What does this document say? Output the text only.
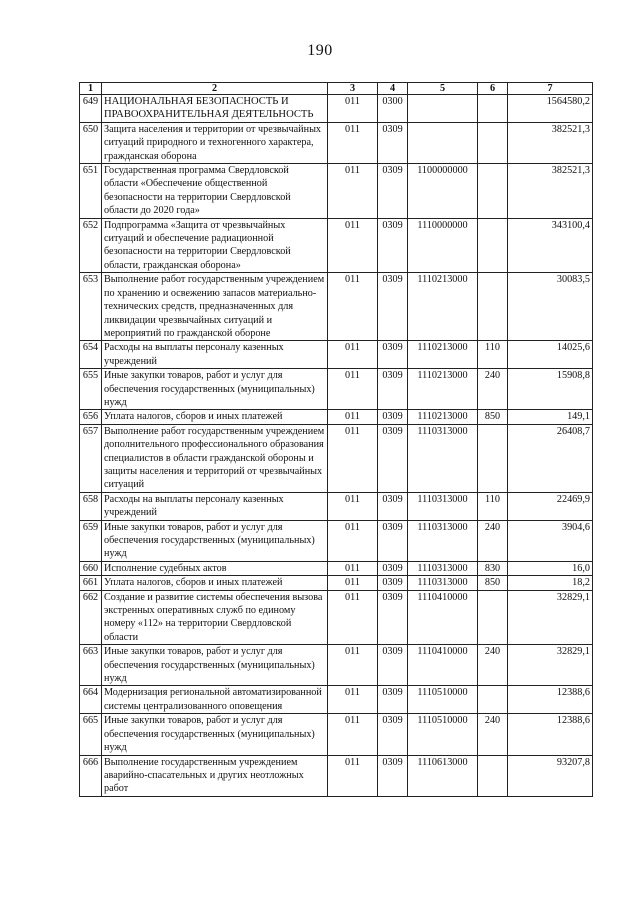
190
1	2	3	4	5	6	7
649	НАЦИОНАЛЬНАЯ БЕЗОПАСНОСТЬ И ПРАВООХРАНИТЕЛЬНАЯ ДЕЯТЕЛЬНОСТЬ	011	0300			1564580,2
650	Защита населения и территории от чрезвычайных ситуаций природного и техногенного характера, гражданская оборона	011	0309			382521,3
651	Государственная программа Свердловской области «Обеспечение общественной безопасности на территории Свердловской области до 2020 года»	011	0309	1100000000		382521,3
652	Подпрограмма «Защита от чрезвычайных ситуаций и обеспечение радиационной безопасности на территории Свердловской области, гражданская оборона»	011	0309	1110000000		343100,4
653	Выполнение работ государственным учреждением по хранению и освежению запасов материально-технических средств, предназначенных для ликвидации чрезвычайных ситуаций и мероприятий по гражданской обороне	011	0309	1110213000		30083,5
654	Расходы на выплаты персоналу казенных учреждений	011	0309	1110213000	110	14025,6
655	Иные закупки товаров, работ и услуг для обеспечения государственных (муниципальных) нужд	011	0309	1110213000	240	15908,8
656	Уплата налогов, сборов и иных платежей	011	0309	1110213000	850	149,1
657	Выполнение работ государственным учреждением дополнительного профессионального образования специалистов в области гражданской обороны и защиты населения и территорий от чрезвычайных ситуаций	011	0309	1110313000		26408,7
658	Расходы на выплаты персоналу казенных учреждений	011	0309	1110313000	110	22469,9
659	Иные закупки товаров, работ и услуг для обеспечения государственных (муниципальных) нужд	011	0309	1110313000	240	3904,6
660	Исполнение судебных актов	011	0309	1110313000	830	16,0
661	Уплата налогов, сборов и иных платежей	011	0309	1110313000	850	18,2
662	Создание и развитие системы обеспечения вызова экстренных оперативных служб по единому номеру «112» на территории Свердловской области	011	0309	1110410000		32829,1
663	Иные закупки товаров, работ и услуг для обеспечения государственных (муниципальных) нужд	011	0309	1110410000	240	32829,1
664	Модернизация региональной автоматизированной системы централизованного оповещения	011	0309	1110510000		12388,6
665	Иные закупки товаров, работ и услуг для обеспечения государственных (муниципальных) нужд	011	0309	1110510000	240	12388,6
666	Выполнение государственным учреждением аварийно-спасательных и других неотложных работ	011	0309	1110613000		93207,8
